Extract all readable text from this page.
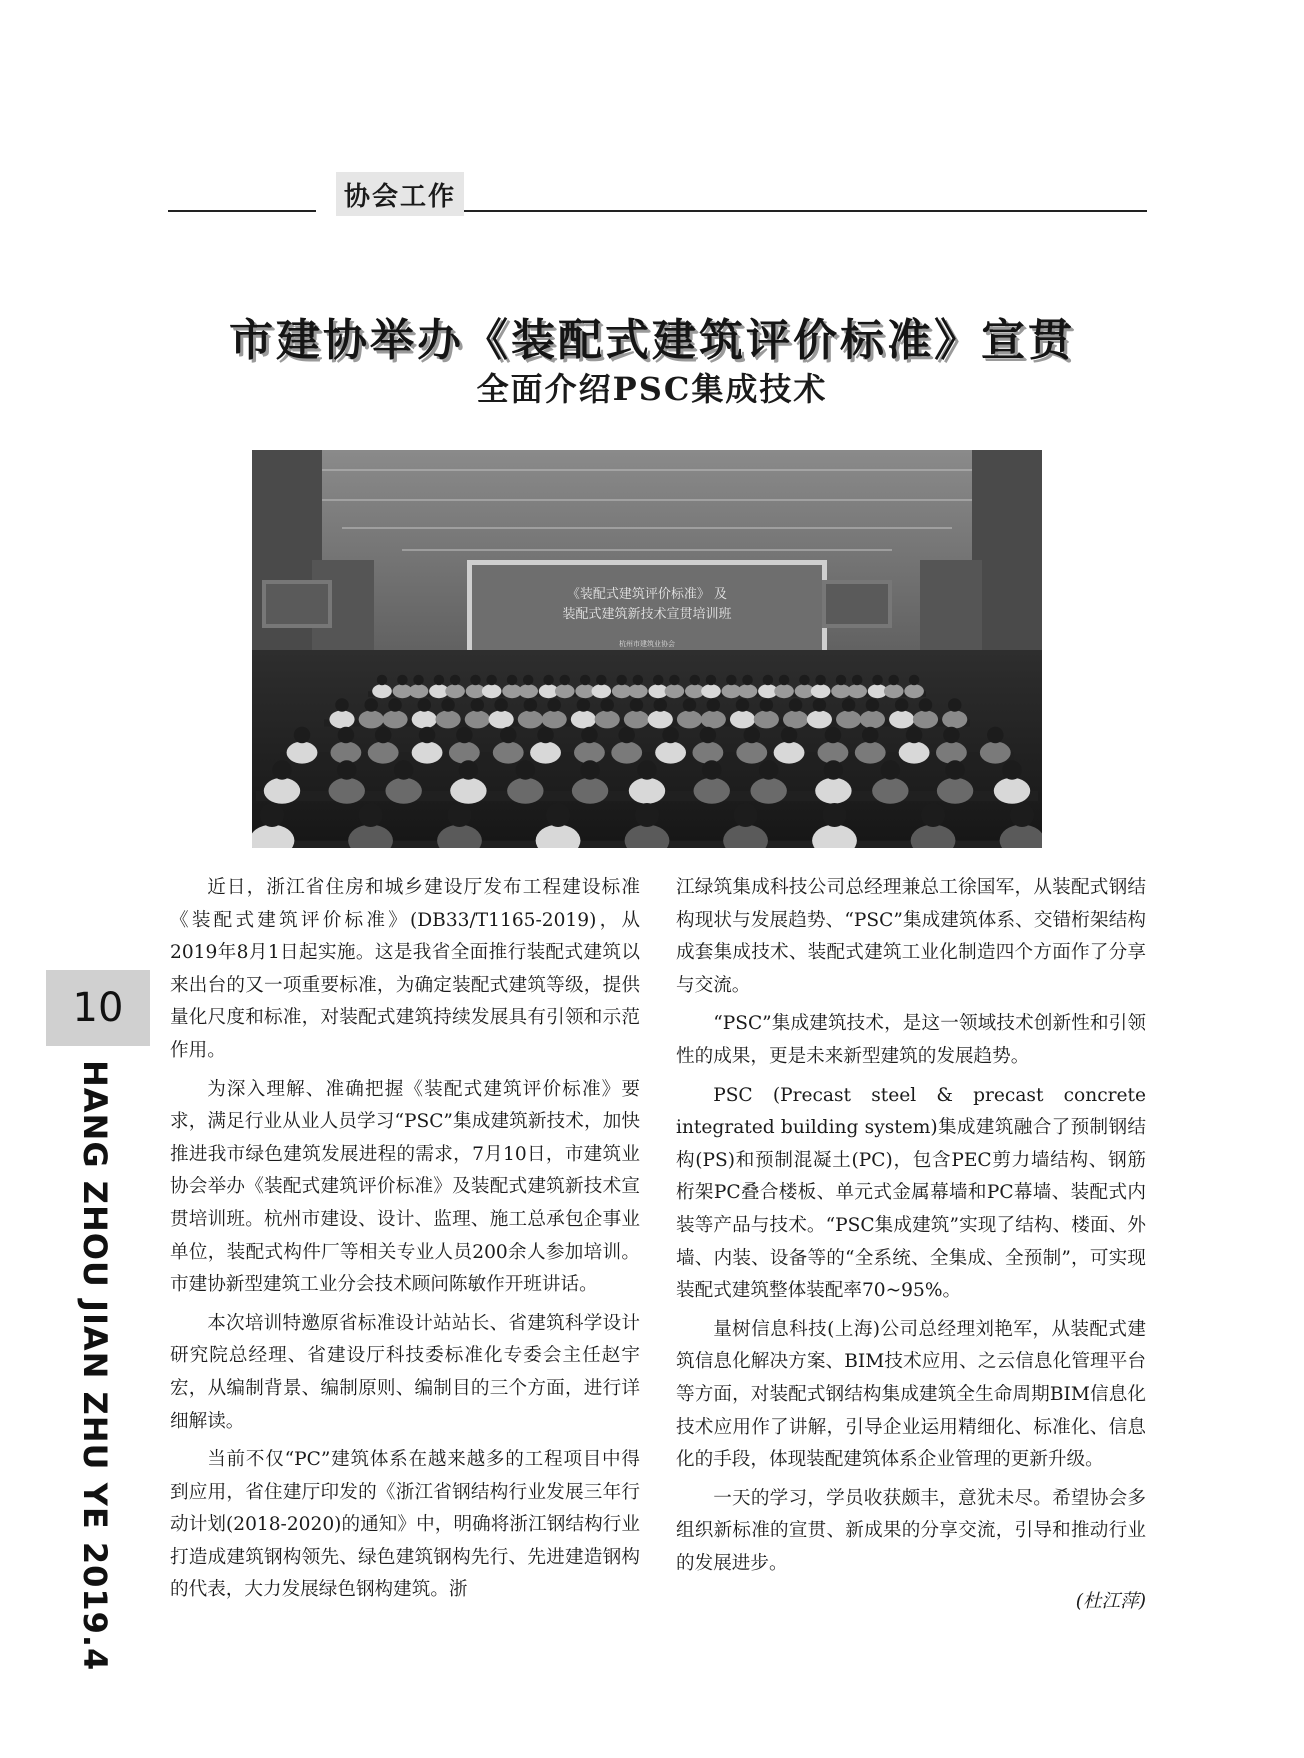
协会工作
市建协举办《装配式建筑评价标准》宣贯
全面介绍PSC集成技术
《装配式建筑评价标准》 及
装配式建筑新技术宣贯培训班
杭州市建筑业协会
10
HANG ZHOU JIAN ZHU YE 2019.4

近日，浙江省住房和城乡建设厅发布工程建设标准《装配式建筑评价标准》(DB33/T1165-2019)，从2019年8月1日起实施。这是我省全面推行装配式建筑以来出台的又一项重要标准，为确定装配式建筑等级，提供量化尺度和标准，对装配式建筑持续发展具有引领和示范作用。

为深入理解、准确把握《装配式建筑评价标准》要求，满足行业从业人员学习“PSC”集成建筑新技术，加快推进我市绿色建筑发展进程的需求，7月10日，市建筑业协会举办《装配式建筑评价标准》及装配式建筑新技术宣贯培训班。杭州市建设、设计、监理、施工总承包企事业单位，装配式构件厂等相关专业人员200余人参加培训。市建协新型建筑工业分会技术顾问陈敏作开班讲话。

本次培训特邀原省标准设计站站长、省建筑科学设计研究院总经理、省建设厅科技委标准化专委会主任赵宇宏，从编制背景、编制原则、编制目的三个方面，进行详细解读。

当前不仅“PC”建筑体系在越来越多的工程项目中得到应用，省住建厅印发的《浙江省钢结构行业发展三年行动计划(2018-2020)的通知》中，明确将浙江钢结构行业打造成建筑钢构领先、绿色建筑钢构先行、先进建造钢构的代表，大力发展绿色钢构建筑。浙

江绿筑集成科技公司总经理兼总工徐国军，从装配式钢结构现状与发展趋势、“PSC”集成建筑体系、交错桁架结构成套集成技术、装配式建筑工业化制造四个方面作了分享与交流。

“PSC”集成建筑技术，是这一领域技术创新性和引领性的成果，更是未来新型建筑的发展趋势。

PSC (Precast steel & precast concrete integrated building system)集成建筑融合了预制钢结构(PS)和预制混凝土(PC)，包含PEC剪力墙结构、钢筋桁架PC叠合楼板、单元式金属幕墙和PC幕墙、装配式内装等产品与技术。“PSC集成建筑”实现了结构、楼面、外墙、内装、设备等的“全系统、全集成、全预制”，可实现装配式建筑整体装配率70~95%。

量树信息科技(上海)公司总经理刘艳军，从装配式建筑信息化解决方案、BIM技术应用、之云信息化管理平台等方面，对装配式钢结构集成建筑全生命周期BIM信息化技术应用作了讲解，引导企业运用精细化、标准化、信息化的手段，体现装配建筑体系企业管理的更新升级。

一天的学习，学员收获颇丰，意犹未尽。希望协会多组织新标准的宣贯、新成果的分享交流，引导和推动行业的发展进步。

(杜江萍)
